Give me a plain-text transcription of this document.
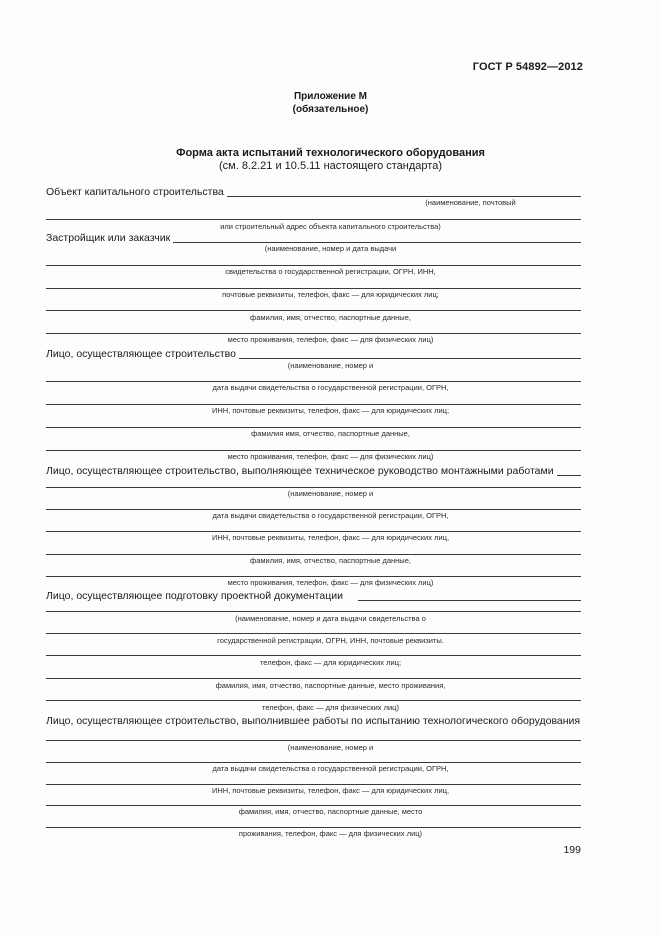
ГОСТ Р 54892—2012
Приложение М
(обязательное)
Форма акта испытаний технологического оборудования
(см. 8.2.21 и 10.5.11 настоящего стандарта)
Объект капитального строительства
(наименование, почтовый
или строительный адрес объекта капитального строительства)
Застройщик или заказчик
(наименование, номер и дата выдачи
свидетельства о государственной регистрации, ОГРН, ИНН,
почтовые реквизиты, телефон, факс — для юридических лиц;
фамилия, имя, отчество, паспортные данные,
место проживания, телефон, факс — для физических лиц)
Лицо, осуществляющее строительство
(наименование, номер и
дата выдачи свидетельства о государственной регистрации, ОГРН,
ИНН, почтовые реквизиты, телефон, факс — для юридических лиц;
фамилия имя, отчество, паспортные данные,
место проживания, телефон, факс — для физических лиц)
Лицо, осуществляющее строительство, выполняющее техническое руководство монтажными работами
(наименование, номер и
дата выдачи свидетельства о государственной регистрации, ОГРН,
ИНН, почтовые реквизиты, телефон, факс — для юридических лиц,
фамилия, имя, отчество, паспортные данные,
место проживания, телефон, факс — для физических лиц)
Лицо, осуществляющее подготовку проектной документации
(наименование, номер и дата выдачи свидетельства о
государственной регистрации, ОГРН, ИНН, почтовые реквизиты.
телефон, факс — для юридических лиц;
фамилия, имя, отчество, паспортные данные, место проживания,
телефон, факс — для физических лиц)
Лицо, осуществляющее строительство, выполнившее работы по испытанию технологического оборудования
(наименование, номер и
дата выдачи свидетельства о государственной регистрации, ОГРН,
ИНН, почтовые реквизиты, телефон, факс — для юридических лиц,
фамилия, имя, отчество, паспортные данные, место
проживания, телефон, факс — для физических лиц)
199
